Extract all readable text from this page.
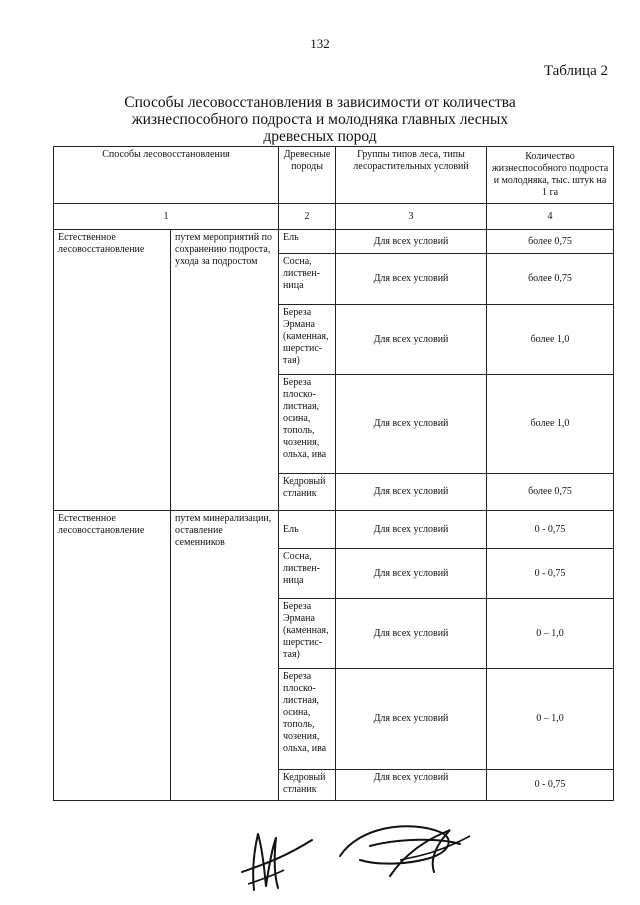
132
Таблица 2
Способы лесовосстановления в зависимости от количества
жизнеспособного подроста и молодняка главных лесных
древесных пород
Способы лесовосстановления		Древесные породы	Группы типов леса, типы лесорастительных условий	Количество жизнеспособного подроста и молодняка, тыс. штук на 1 га
1		2	3	4
Естественное лесовосстановление	путем мероприятий по сохранению подроста, ухода за подростом	Ель	Для всех условий	более 0,75
		Сосна, листвен-ница	Для всех условий	более 0,75
		Береза Эрмана (каменная, шерстис-тая)	Для всех условий	более 1,0
		Береза плоско-листная, осина, тополь, чозения, ольха, ива	Для всех условий	более 1,0
		Кедровый стланик	Для всех условий	более 0,75
Естественное лесовосстановление	путем минерализации, оставление семенников	Ель	Для всех условий	0 - 0,75
		Сосна, листвен-ница	Для всех условий	0 - 0,75
		Береза Эрмана (каменная, шерстис-тая)	Для всех условий	0 – 1,0
		Береза плоско-листная, осина, тополь, чозения, ольха, ива	Для всех условий	0 – 1,0
		Кедровый стланик	Для всех условий	0 - 0,75
